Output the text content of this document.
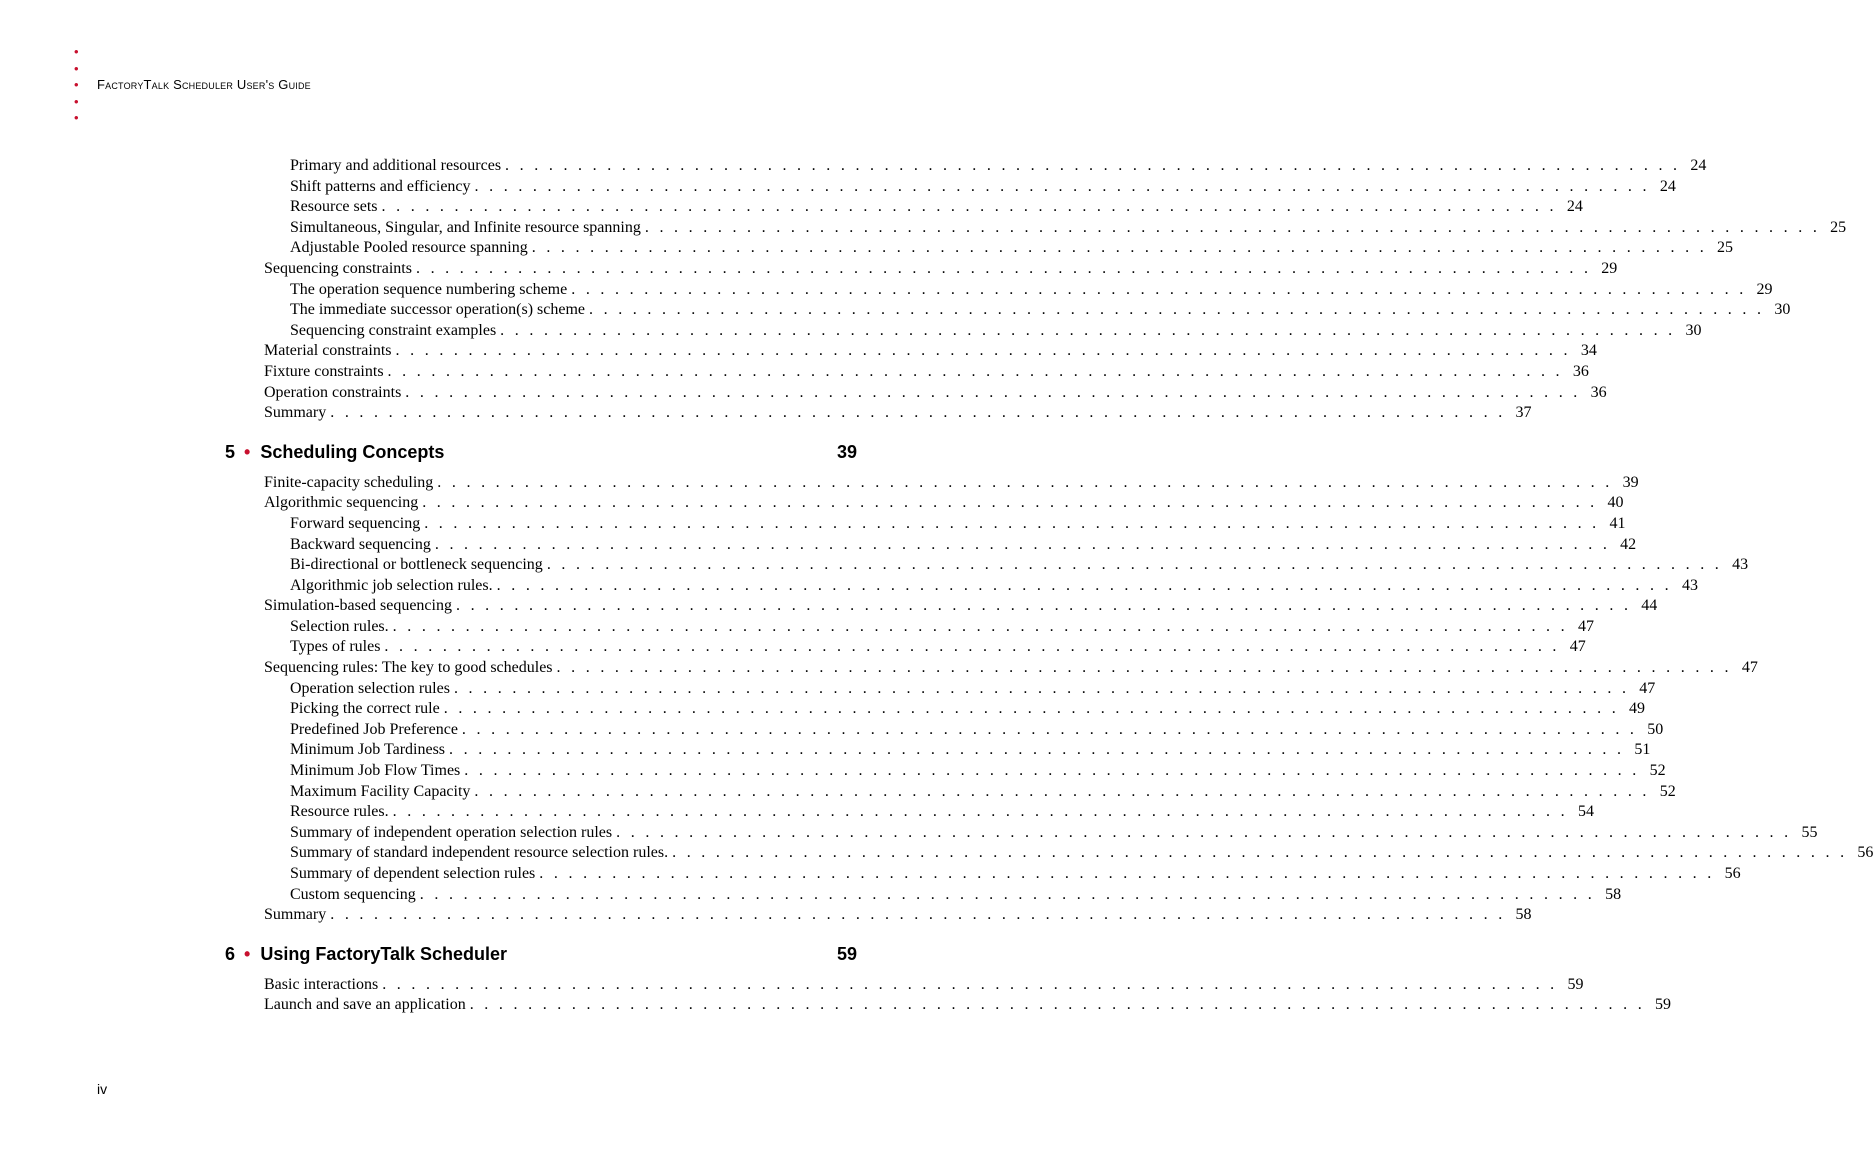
•
•
• FactoryTalk Scheduler User's Guide
•
•
Primary and additional resources . . . . . . . . . . . . . . . . . . . . . . . . . . . . . . . . . . . . . . . . . . . . . . . . . . . . . . . . . . . . . . . . . . . . . . . . . . . . . . . . . 24
Shift patterns and efficiency . . . . . . . . . . . . . . . . . . . . . . . . . . . . . . . . . . . . . . . . . . . . . . . . . . . . . . . . . . . . . . . . . . . . . . . . . . . . . . . . . 24
Resource sets . . . . . . . . . . . . . . . . . . . . . . . . . . . . . . . . . . . . . . . . . . . . . . . . . . . . . . . . . . . . . . . . . . . . . . . . . . . . . . . . . 24
Simultaneous, Singular, and Infinite resource spanning . . . . . . . . . . . . . . . . . . . . . . . . . . . . . . . . . . . . . . . . . . . . . . . . . . . . . . . . . . . . . . . . . . . . . . . . . . . . . . . . . 25
Adjustable Pooled resource spanning . . . . . . . . . . . . . . . . . . . . . . . . . . . . . . . . . . . . . . . . . . . . . . . . . . . . . . . . . . . . . . . . . . . . . . . . . . . . . . . . . 25
Sequencing constraints . . . . . . . . . . . . . . . . . . . . . . . . . . . . . . . . . . . . . . . . . . . . . . . . . . . . . . . . . . . . . . . . . . . . . . . . . . . . . . . . . 29
The operation sequence numbering scheme . . . . . . . . . . . . . . . . . . . . . . . . . . . . . . . . . . . . . . . . . . . . . . . . . . . . . . . . . . . . . . . . . . . . . . . . . . . . . . . . . 29
The immediate successor operation(s) scheme . . . . . . . . . . . . . . . . . . . . . . . . . . . . . . . . . . . . . . . . . . . . . . . . . . . . . . . . . . . . . . . . . . . . . . . . . . . . . . . . . 30
Sequencing constraint examples . . . . . . . . . . . . . . . . . . . . . . . . . . . . . . . . . . . . . . . . . . . . . . . . . . . . . . . . . . . . . . . . . . . . . . . . . . . . . . . . . 30
Material constraints . . . . . . . . . . . . . . . . . . . . . . . . . . . . . . . . . . . . . . . . . . . . . . . . . . . . . . . . . . . . . . . . . . . . . . . . . . . . . . . . . 34
Fixture constraints . . . . . . . . . . . . . . . . . . . . . . . . . . . . . . . . . . . . . . . . . . . . . . . . . . . . . . . . . . . . . . . . . . . . . . . . . . . . . . . . . 36
Operation constraints . . . . . . . . . . . . . . . . . . . . . . . . . . . . . . . . . . . . . . . . . . . . . . . . . . . . . . . . . . . . . . . . . . . . . . . . . . . . . . . . . 36
Summary . . . . . . . . . . . . . . . . . . . . . . . . . . . . . . . . . . . . . . . . . . . . . . . . . . . . . . . . . . . . . . . . . . . . . . . . . . . . . . . . . 37
5 • Scheduling Concepts	39
Finite-capacity scheduling . . . . . . . . . . . . . . . . . . . . . . . . . . . . . . . . . . . . . . . . . . . . . . . . . . . . . . . . . . . . . . . . . . . . . . . . . . . . . . . . . 39
Algorithmic sequencing . . . . . . . . . . . . . . . . . . . . . . . . . . . . . . . . . . . . . . . . . . . . . . . . . . . . . . . . . . . . . . . . . . . . . . . . . . . . . . . . . 40
Forward sequencing . . . . . . . . . . . . . . . . . . . . . . . . . . . . . . . . . . . . . . . . . . . . . . . . . . . . . . . . . . . . . . . . . . . . . . . . . . . . . . . . . 41
Backward sequencing . . . . . . . . . . . . . . . . . . . . . . . . . . . . . . . . . . . . . . . . . . . . . . . . . . . . . . . . . . . . . . . . . . . . . . . . . . . . . . . . . 42
Bi-directional or bottleneck sequencing . . . . . . . . . . . . . . . . . . . . . . . . . . . . . . . . . . . . . . . . . . . . . . . . . . . . . . . . . . . . . . . . . . . . . . . . . . . . . . . . . 43
Algorithmic job selection rules. . . . . . . . . . . . . . . . . . . . . . . . . . . . . . . . . . . . . . . . . . . . . . . . . . . . . . . . . . . . . . . . . . . . . . . . . . . . . . . . . . 43
Simulation-based sequencing . . . . . . . . . . . . . . . . . . . . . . . . . . . . . . . . . . . . . . . . . . . . . . . . . . . . . . . . . . . . . . . . . . . . . . . . . . . . . . . . . 44
Selection rules. . . . . . . . . . . . . . . . . . . . . . . . . . . . . . . . . . . . . . . . . . . . . . . . . . . . . . . . . . . . . . . . . . . . . . . . . . . . . . . . . . 47
Types of rules . . . . . . . . . . . . . . . . . . . . . . . . . . . . . . . . . . . . . . . . . . . . . . . . . . . . . . . . . . . . . . . . . . . . . . . . . . . . . . . . . 47
Sequencing rules: The key to good schedules . . . . . . . . . . . . . . . . . . . . . . . . . . . . . . . . . . . . . . . . . . . . . . . . . . . . . . . . . . . . . . . . . . . . . . . . . . . . . . . . . 47
Operation selection rules . . . . . . . . . . . . . . . . . . . . . . . . . . . . . . . . . . . . . . . . . . . . . . . . . . . . . . . . . . . . . . . . . . . . . . . . . . . . . . . . . 47
Picking the correct rule . . . . . . . . . . . . . . . . . . . . . . . . . . . . . . . . . . . . . . . . . . . . . . . . . . . . . . . . . . . . . . . . . . . . . . . . . . . . . . . . . 49
Predefined Job Preference . . . . . . . . . . . . . . . . . . . . . . . . . . . . . . . . . . . . . . . . . . . . . . . . . . . . . . . . . . . . . . . . . . . . . . . . . . . . . . . . . 50
Minimum Job Tardiness . . . . . . . . . . . . . . . . . . . . . . . . . . . . . . . . . . . . . . . . . . . . . . . . . . . . . . . . . . . . . . . . . . . . . . . . . . . . . . . . . 51
Minimum Job Flow Times . . . . . . . . . . . . . . . . . . . . . . . . . . . . . . . . . . . . . . . . . . . . . . . . . . . . . . . . . . . . . . . . . . . . . . . . . . . . . . . . . 52
Maximum Facility Capacity . . . . . . . . . . . . . . . . . . . . . . . . . . . . . . . . . . . . . . . . . . . . . . . . . . . . . . . . . . . . . . . . . . . . . . . . . . . . . . . . . 52
Resource rules. . . . . . . . . . . . . . . . . . . . . . . . . . . . . . . . . . . . . . . . . . . . . . . . . . . . . . . . . . . . . . . . . . . . . . . . . . . . . . . . . . 54
Summary of independent operation selection rules . . . . . . . . . . . . . . . . . . . . . . . . . . . . . . . . . . . . . . . . . . . . . . . . . . . . . . . . . . . . . . . . . . . . . . . . . . . . . . . . . 55
Summary of standard independent resource selection rules. . . . . . . . . . . . . . . . . . . . . . . . . . . . . . . . . . . . . . . . . . . . . . . . . . . . . . . . . . . . . . . . . . . . . . . . . . . . . . . . . . 56
Summary of dependent selection rules . . . . . . . . . . . . . . . . . . . . . . . . . . . . . . . . . . . . . . . . . . . . . . . . . . . . . . . . . . . . . . . . . . . . . . . . . . . . . . . . . 56
Custom sequencing . . . . . . . . . . . . . . . . . . . . . . . . . . . . . . . . . . . . . . . . . . . . . . . . . . . . . . . . . . . . . . . . . . . . . . . . . . . . . . . . . 58
Summary . . . . . . . . . . . . . . . . . . . . . . . . . . . . . . . . . . . . . . . . . . . . . . . . . . . . . . . . . . . . . . . . . . . . . . . . . . . . . . . . . 58
6 • Using FactoryTalk Scheduler	59
Basic interactions . . . . . . . . . . . . . . . . . . . . . . . . . . . . . . . . . . . . . . . . . . . . . . . . . . . . . . . . . . . . . . . . . . . . . . . . . . . . . . . . . 59
Launch and save an application . . . . . . . . . . . . . . . . . . . . . . . . . . . . . . . . . . . . . . . . . . . . . . . . . . . . . . . . . . . . . . . . . . . . . . . . . . . . . . . . . 59
iv
